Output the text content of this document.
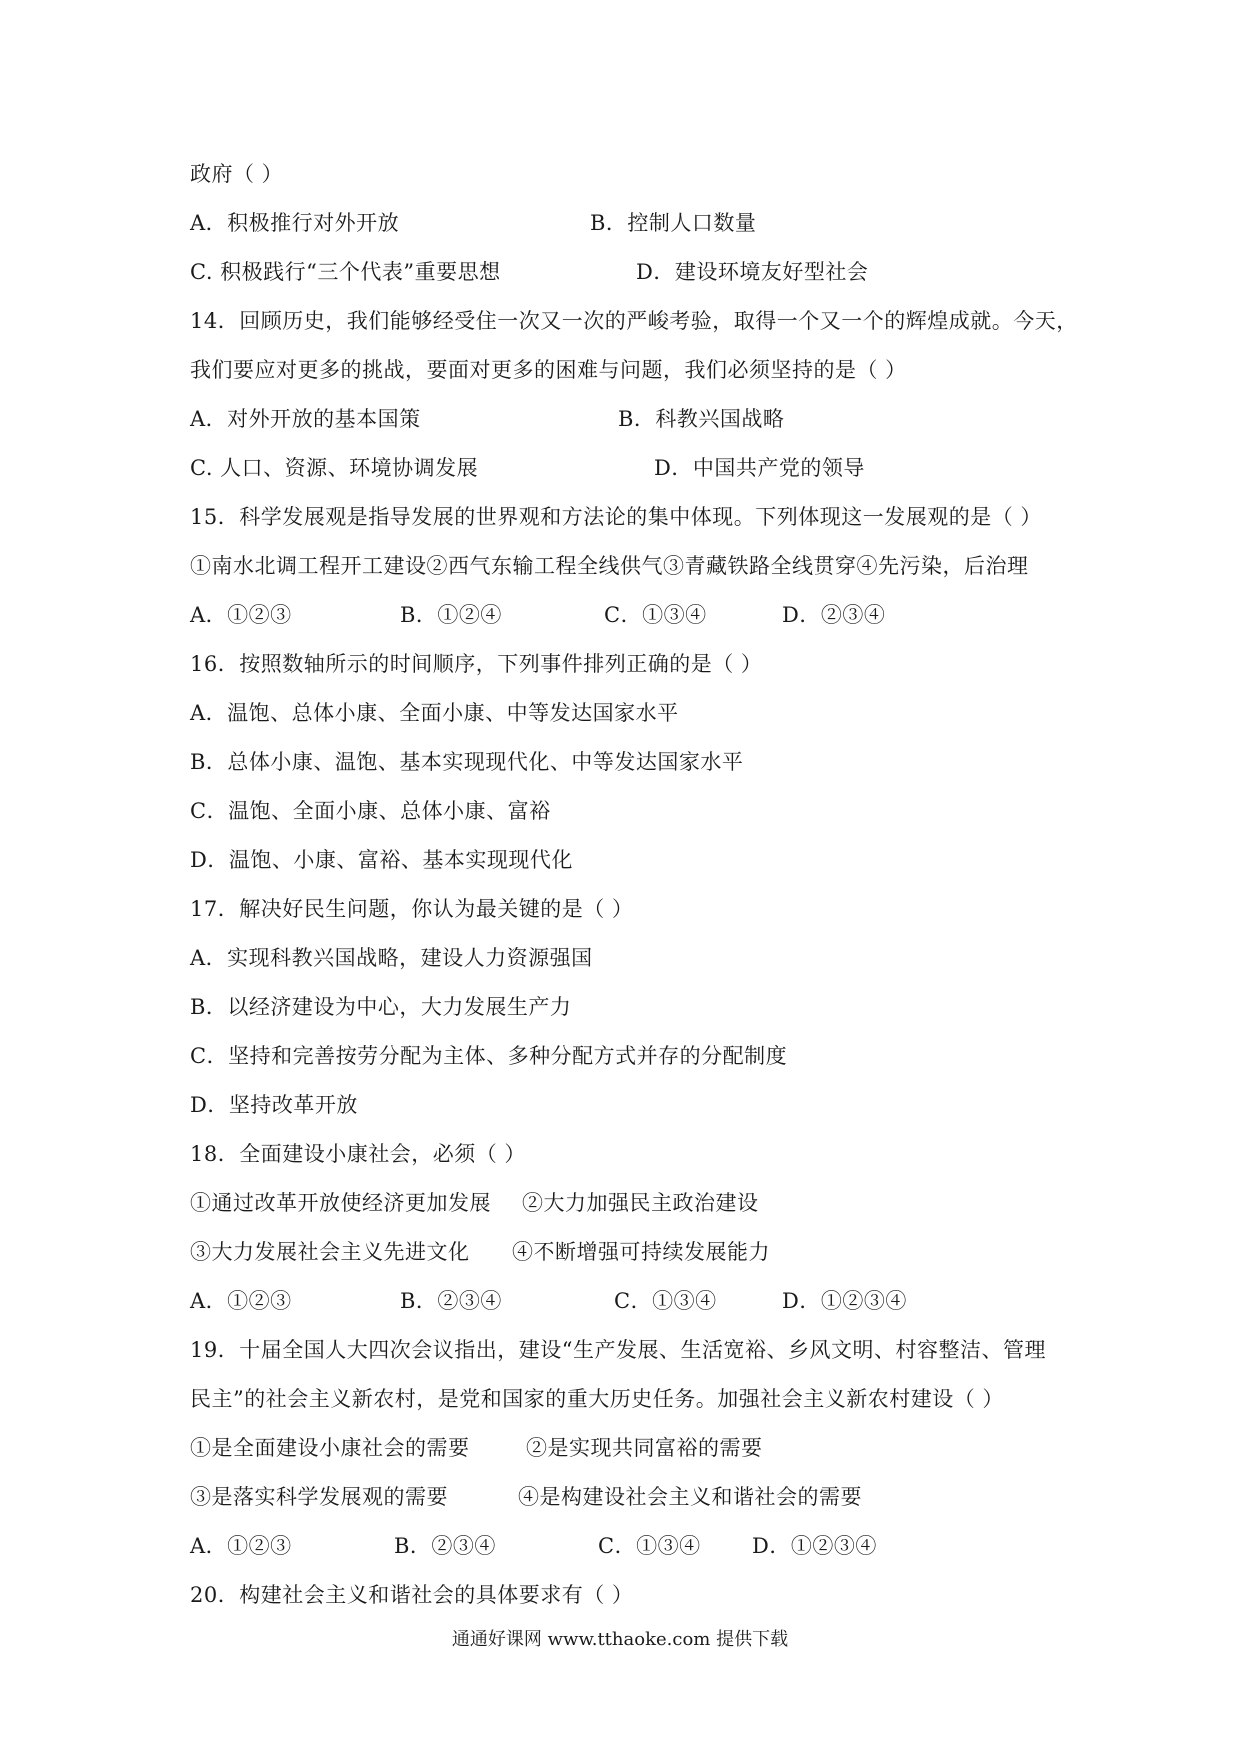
政府（ ）
A．积极推行对外开放	B．控制人口数量
C. 积极践行“三个代表”重要思想	D．建设环境友好型社会
14．回顾历史，我们能够经受住一次又一次的严峻考验，取得一个又一个的辉煌成就。今天，
我们要应对更多的挑战，要面对更多的困难与问题，我们必须坚持的是（ ）
A．对外开放的基本国策	B．科教兴国战略
C. 人口、资源、环境协调发展	D．中国共产党的领导
15．科学发展观是指导发展的世界观和方法论的集中体现。下列体现这一发展观的是（ ）
①南水北调工程开工建设②西气东输工程全线供气③青藏铁路全线贯穿④先污染，后治理
A．①②③	B．①②④	C．①③④	D．②③④
16．按照数轴所示的时间顺序，下列事件排列正确的是（ ）
A．温饱、总体小康、全面小康、中等发达国家水平
B．总体小康、温饱、基本实现现代化、中等发达国家水平
C．温饱、全面小康、总体小康、富裕
D．温饱、小康、富裕、基本实现现代化
17．解决好民生问题，你认为最关键的是（ ）
A．实现科教兴国战略，建设人力资源强国
B．以经济建设为中心，大力发展生产力
C．坚持和完善按劳分配为主体、多种分配方式并存的分配制度
D．坚持改革开放
18．全面建设小康社会，必须（ ）
①通过改革开放使经济更加发展 ②大力加强民主政治建设
③大力发展社会主义先进文化 ④不断增强可持续发展能力
A．①②③	B．②③④	C．①③④	D．①②③④
19．十届全国人大四次会议指出，建设“生产发展、生活宽裕、乡风文明、村容整洁、管理
民主”的社会主义新农村，是党和国家的重大历史任务。加强社会主义新农村建设（ ）
①是全面建设小康社会的需要	②是实现共同富裕的需要
③是落实科学发展观的需要	④是构建设社会主义和谐社会的需要
A．①②③	B．②③④	C．①③④ D．①②③④
20．构建社会主义和谐社会的具体要求有（ ）
通通好课网 www.tthaoke.com 提供下载
